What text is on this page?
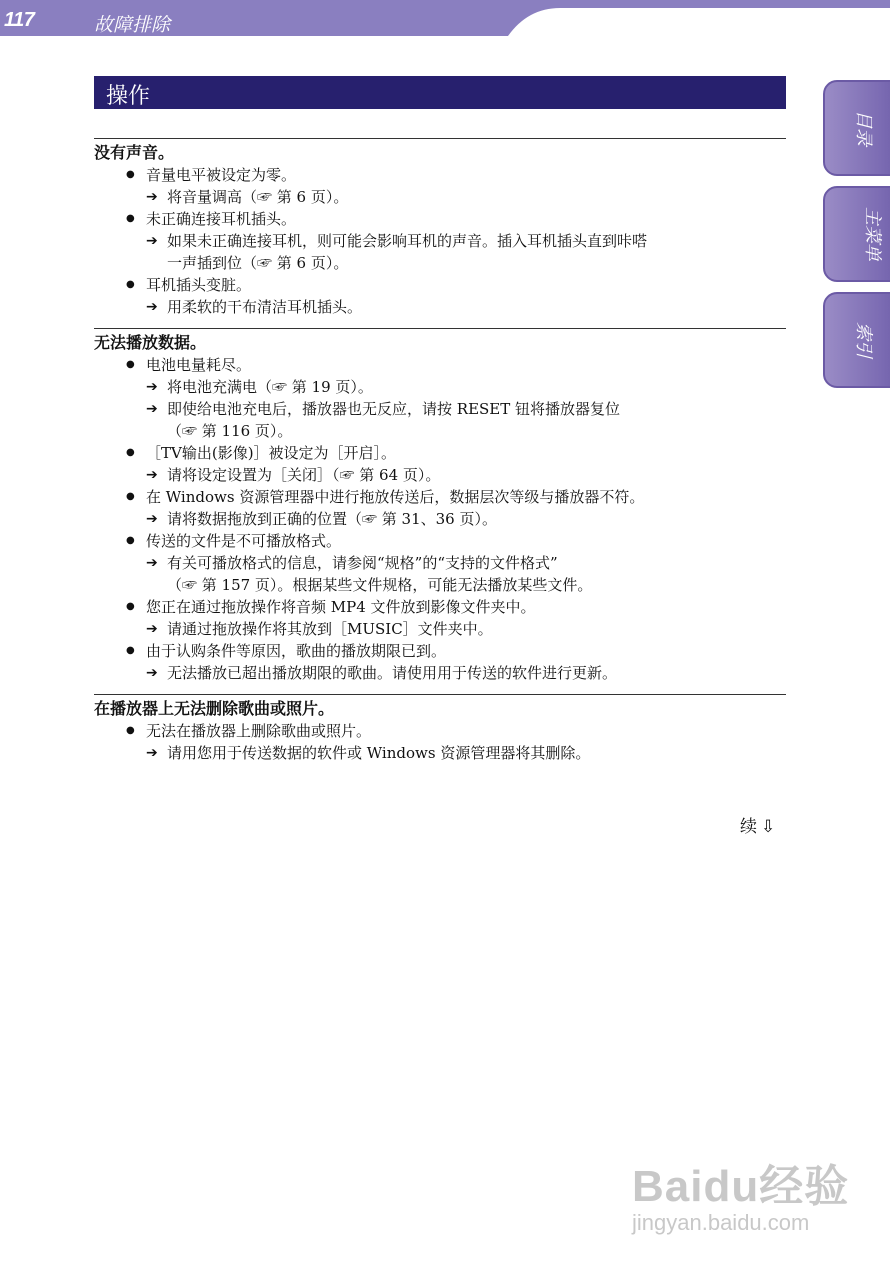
117	故障排除
目录
主菜单
索引
操作
没有声音。
● 音量电平被设定为零。
➔ 将音量调高（☞ 第 6 页）。
● 未正确连接耳机插头。
➔ 如果未正确连接耳机，则可能会影响耳机的声音。插入耳机插头直到咔嗒
一声插到位（☞ 第 6 页）。
● 耳机插头变脏。
➔ 用柔软的干布清洁耳机插头。
无法播放数据。
● 电池电量耗尽。
➔ 将电池充满电（☞ 第 19 页）。
➔ 即使给电池充电后，播放器也无反应，请按 RESET 钮将播放器复位
（☞ 第 116 页）。
● ［TV输出(影像)］被设定为［开启］。
➔ 请将设定设置为［关闭］（☞ 第 64 页）。
● 在 Windows 资源管理器中进行拖放传送后，数据层次等级与播放器不符。
➔ 请将数据拖放到正确的位置（☞ 第 31、36 页）。
● 传送的文件是不可播放格式。
➔ 有关可播放格式的信息，请参阅“规格”的“支持的文件格式”
（☞ 第 157 页）。根据某些文件规格，可能无法播放某些文件。
● 您正在通过拖放操作将音频 MP4 文件放到影像文件夹中。
➔ 请通过拖放操作将其放到［MUSIC］文件夹中。
● 由于认购条件等原因，歌曲的播放期限已到。
➔ 无法播放已超出播放期限的歌曲。请使用用于传送的软件进行更新。
在播放器上无法删除歌曲或照片。
● 无法在播放器上删除歌曲或照片。
➔ 请用您用于传送数据的软件或 Windows 资源管理器将其删除。
续 ⇩
Baidu经验
jingyan.baidu.com
